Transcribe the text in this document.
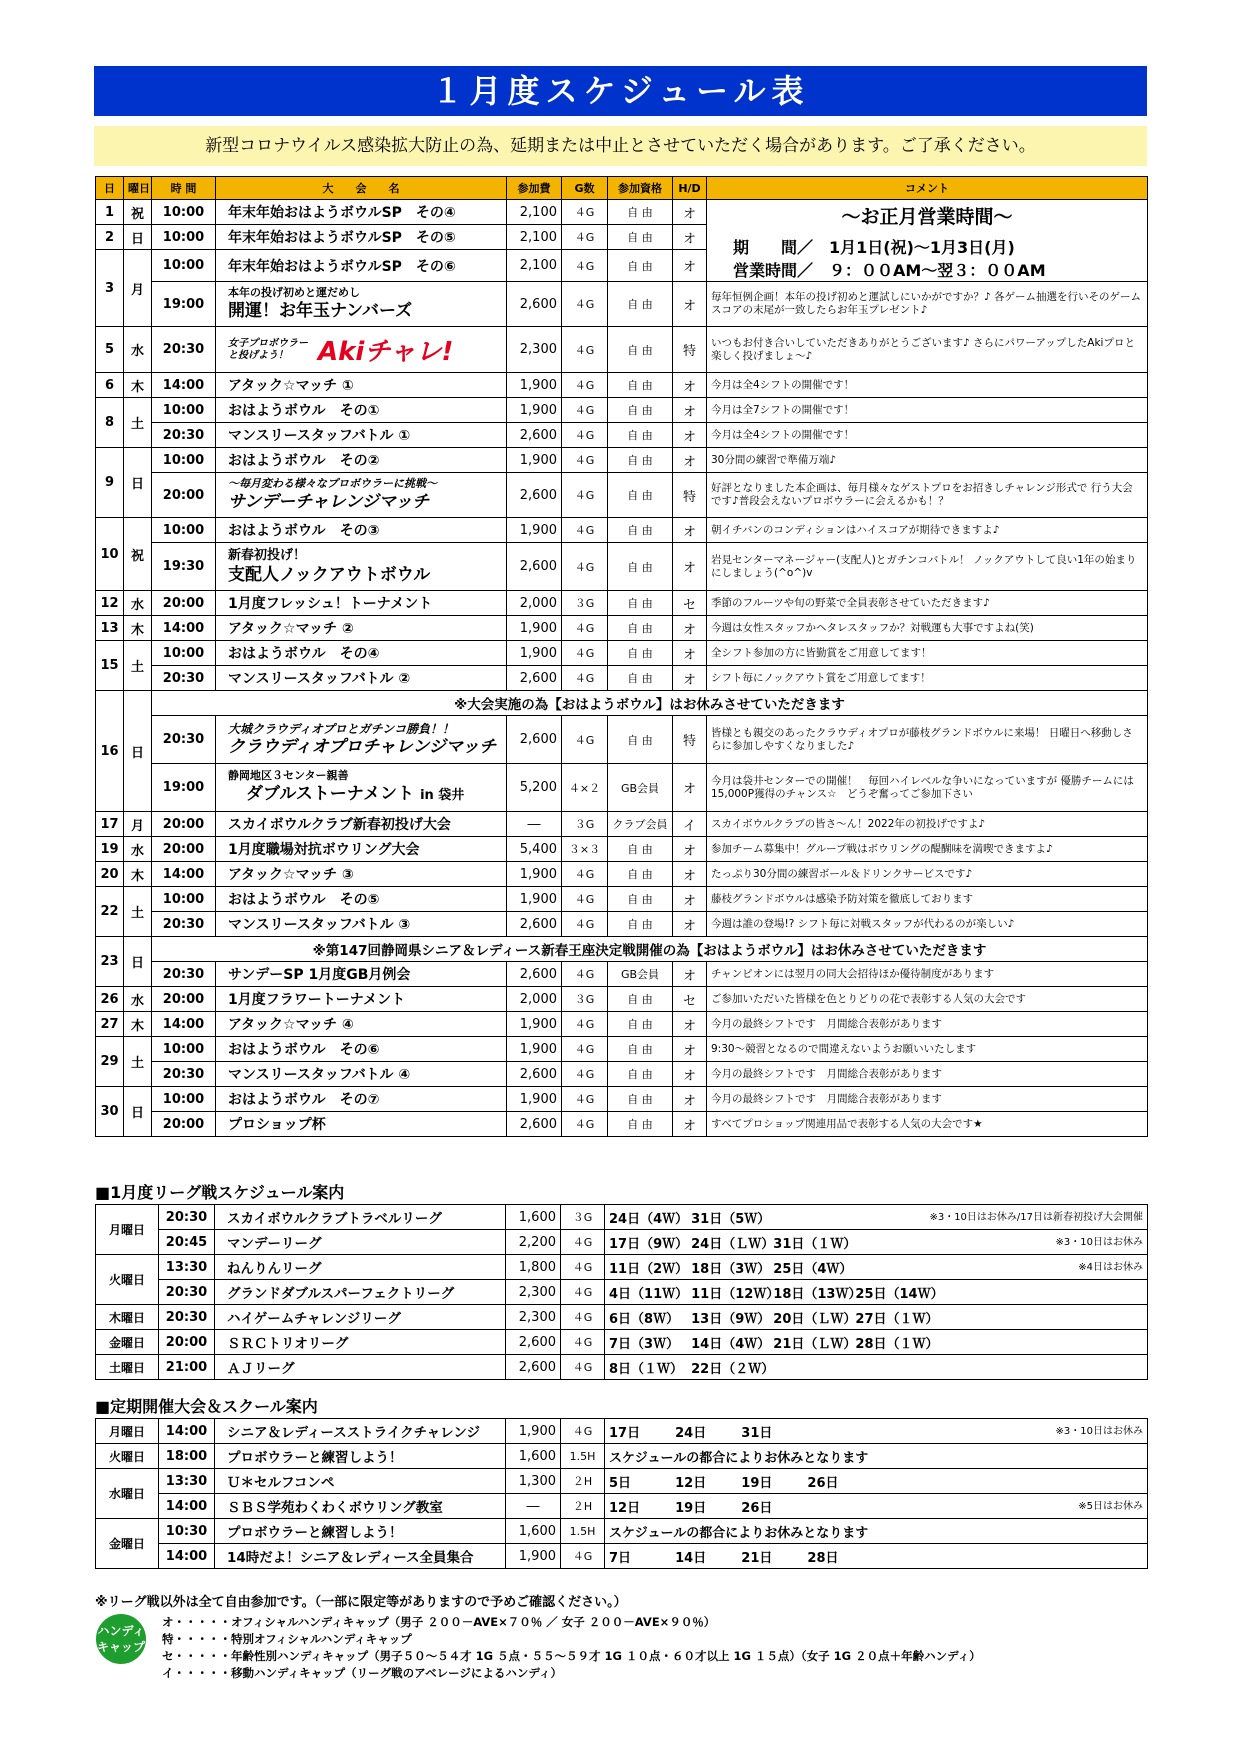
１月度スケジュール表
新型コロナウイルス感染拡大防止の為、延期または中止とさせていただく場合があります。ご了承ください。
日	曜日	時 間	大　　会　　名	参加費	G数	参加資格	H/D	コメント
1	祝	10:00	年末年始おはようボウルSP　その④	2,100	４G	自 由	オ	～お正月営業時間～
期　　間／　1月1日(祝)～1月3日(月)
営業時間／　９：００AM～翌３：００AM

2	日	10:00	年末年始おはようボウルSP　その⑤	2,100	４G	自 由	オ	
3	月	10:00	年末年始おはようボウルSP　その⑥	2,100	４G	自 由	オ	
		19:00	本年の投げ初めと運だめし
開運！お年玉ナンバーズ	2,600	４G	自 由	オ	毎年恒例企画！本年の投げ初めと運試しにいかがですか？♪ 各ゲーム抽選を行いそのゲームスコアの末尾が一致したらお年玉プレゼント♪
5	水	20:30	女子プロボウラー
と投げよう！ Akiチャレ!	2,300	４G	自 由	特	いつもお付き合いしていただきありがとうございます♪ さらにパワーアップしたAkiプロと楽しく投げましょ～♪
6	木	14:00	アタック☆マッチ ①	1,900	４G	自 由	オ	今月は全4シフトの開催です！
8	土	10:00	おはようボウル　その①	1,900	４G	自 由	オ	今月は全7シフトの開催です！
		20:30	マンスリースタッフバトル ①	2,600	４G	自 由	オ	今月は全4シフトの開催です！
9	日	10:00	おはようボウル　その②	1,900	４G	自 由	オ	30分間の練習で準備万端♪
		20:00	～毎月変わる様々なプロボウラーに挑戦～
サンデーチャレンジマッチ	2,600	４G	自 由	特	好評となりました本企画は、毎月様々なゲストプロをお招きしチャレンジ形式で 行う大会です♪普段会えないプロボウラーに会えるかも！？
10	祝	10:00	おはようボウル　その③	1,900	４G	自 由	オ	朝イチバンのコンディションはハイスコアが期待できますよ♪
		19:30	新春初投げ！
支配人ノックアウトボウル	2,600	４G	自 由	オ	岩見センターマネージャー(支配人)とガチンコバトル！ ノックアウトして良い1年の始まりにしましょう(^o^)v
12	水	20:00	1月度フレッシュ！トーナメント	2,000	３G	自 由	セ	季節のフルーツや旬の野菜で全員表彰させていただきます♪
13	木	14:00	アタック☆マッチ ②	1,900	４G	自 由	オ	今週は女性スタッフかヘタレスタッフか？対戦運も大事ですよね(笑)
15	土	10:00	おはようボウル　その④	1,900	４G	自 由	オ	全シフト参加の方に皆勤賞をご用意してます！
		20:30	マンスリースタッフバトル ②	2,600	４G	自 由	オ	シフト毎にノックアウト賞をご用意してます！
16	日	※大会実施の為【おはようボウル】はお休みさせていただきます						
		20:30	大城クラウディオプロとガチンコ勝負！！
クラウディオプロチャレンジマッチ	2,600	４G	自 由	特	皆様とも親交のあったクラウディオプロが藤枝グランドボウルに来場！ 日曜日へ移動しさらに参加しやすくなりました♪
		19:00	静岡地区３センター親善
ダブルストーナメント in 袋井	5,200	４×２	GB会員	オ	今月は袋井センターでの開催！　毎回ハイレベルな争いになっていますが 優勝チームには15,000P獲得のチャンス☆　どうぞ奮ってご参加下さい
17	月	20:00	スカイボウルクラブ新春初投げ大会	―	３G	クラブ会員	イ	スカイボウルクラブの皆さ～ん！2022年の初投げですよ♪
19	水	20:00	1月度職場対抗ボウリング大会	5,400	３×３	自 由	オ	参加チーム募集中！グループ戦はボウリングの醍醐味を満喫できますよ♪
20	木	14:00	アタック☆マッチ ③	1,900	４G	自 由	オ	たっぷり30分間の練習ボール＆ドリンクサービスです♪
22	土	10:00	おはようボウル　その⑤	1,900	４G	自 由	オ	藤枝グランドボウルは感染予防対策を徹底しております
		20:30	マンスリースタッフバトル ③	2,600	４G	自 由	オ	今週は誰の登場!? シフト毎に対戦スタッフが代わるのが楽しい♪
23	日	※第147回静岡県シニア＆レディース新春王座決定戦開催の為【おはようボウル】はお休みさせていただきます						
		20:30	サンデーSP 1月度GB月例会	2,600	４G	GB会員	オ	チャンピオンには翌月の同大会招待ほか優待制度があります
26	水	20:00	1月度フラワートーナメント	2,000	３G	自 由	セ	ご参加いただいた皆様を色とりどりの花で表彰する人気の大会です
27	木	14:00	アタック☆マッチ ④	1,900	４G	自 由	オ	今月の最終シフトです　月間総合表彰があります
29	土	10:00	おはようボウル　その⑥	1,900	４G	自 由	オ	9:30～競習となるので間違えないようお願いいたします
		20:30	マンスリースタッフバトル ④	2,600	４G	自 由	オ	今月の最終シフトです　月間総合表彰があります
30	日	10:00	おはようボウル　その⑦	1,900	４G	自 由	オ	今月の最終シフトです　月間総合表彰があります
		20:00	プロショップ杯	2,600	４G	自 由	オ	すべてプロショップ関連用品で表彰する人気の大会です★
■1月度リーグ戦スケジュール案内
月曜日	20:30	スカイボウルクラブトラベルリーグ	1,600	３G	24日（4Ｗ） 31日（5Ｗ） ※3・10日はお休み/17日は新春初投げ大会開催

	20:45	マンデーリーグ	2,200	４G	17日（9Ｗ） 24日（ＬＷ） 31日（１Ｗ） ※3・10日はお休み

火曜日	13:30	ねんりんリーグ	1,800	４G	11日（2Ｗ） 18日（3Ｗ） 25日（4Ｗ） ※4日はお休み

	20:30	グランドダブルスパーフェクトリーグ	2,300	４G	4日（11Ｗ） 11日（12Ｗ） 18日（13Ｗ） 25日（14Ｗ）
木曜日	20:30	ハイゲームチャレンジリーグ	2,300	４G	6日（8Ｗ） 13日（9Ｗ） 20日（ＬＷ） 27日（１Ｗ）
金曜日	20:00	ＳＲＣトリオリーグ	2,600	４G	7日（3Ｗ） 14日（4Ｗ） 21日（ＬＷ） 28日（１Ｗ）
土曜日	21:00	ＡＪリーグ	2,600	４G	8日（１Ｗ） 22日（２Ｗ）
■定期開催大会＆スクール案内
月曜日	14:00	シニア＆レディースストライクチャレンジ	1,900	４G	17日 24日 31日 ※3・10日はお休み

火曜日	18:00	プロボウラーと練習しよう！	1,600	1.5H	スケジュールの都合によりお休みとなります
水曜日	13:30	Ｕ＊セルフコンペ	1,300	２H	5日 12日 19日 26日
	14:00	ＳＢＳ学苑わくわくボウリング教室	―	２H	12日 19日 26日 ※5日はお休み

金曜日	10:30	プロボウラーと練習しよう！	1,600	1.5H	スケジュールの都合によりお休みとなります
	14:00	14時だよ！シニア＆レディース全員集合	1,900	４G	7日 14日 21日 28日
※リーグ戦以外は全て自由参加です。（一部に限定等がありますので予めご確認ください。）
ハンディ
キャップ
オ・・・・・オフィシャルハンディキャップ（男子 ２００－AVE×７０％ ／ 女子 ２００－AVE×９０％）
特・・・・・特別オフィシャルハンディキャップ
セ・・・・・年齢性別ハンディキャップ（男子５０～５４才 1G ５点・５５～５９才 1G １０点・６０才以上 1G １５点）（女子 1G ２０点＋年齢ハンディ）
イ・・・・・移動ハンディキャップ（リーグ戦のアベレージによるハンディ）
